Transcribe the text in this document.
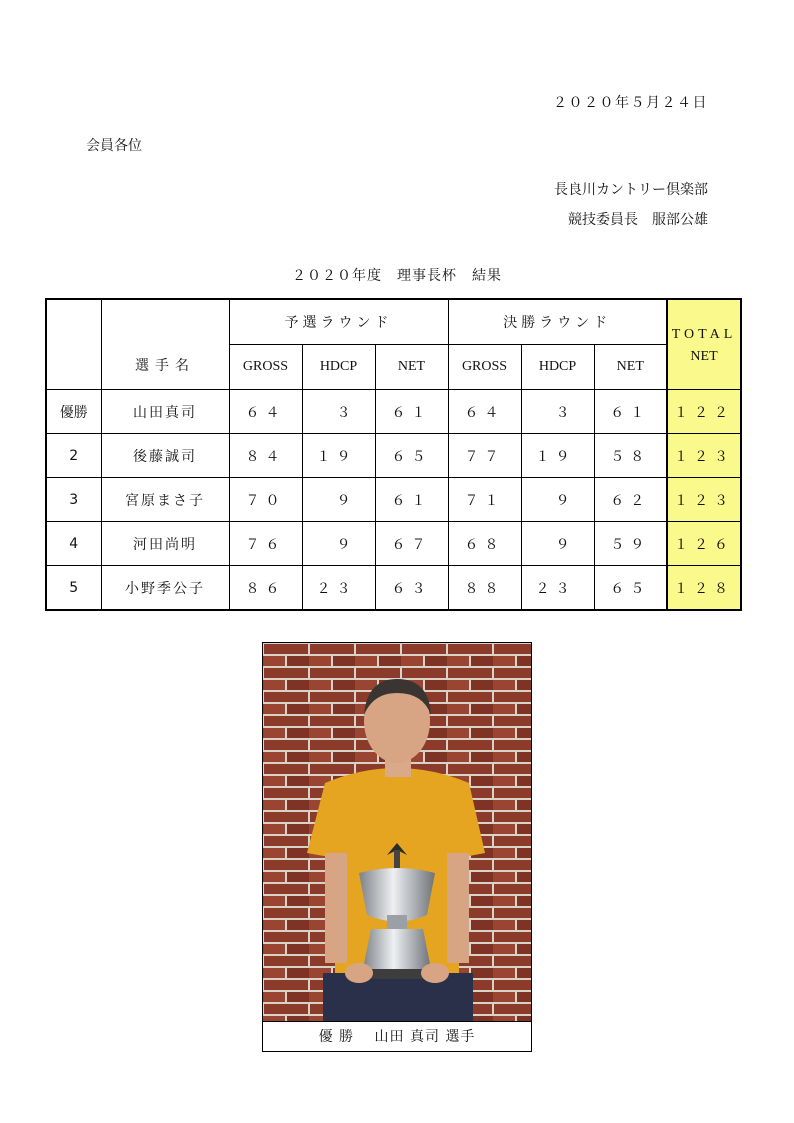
２０２０年５月２４日
会員各位
長良川カントリー倶楽部
競技委員長　服部公雄
２０２０年度　理事長杯　結果
	選手名	予選ラウンド			決勝ラウンド			TOTAL
		GROSS	HDCP	NET	GROSS	HDCP	NET	NET
優勝	山田真司	６４	３	６１	６４	３	６１	１２２
2	後藤誠司	８４	１９	６５	７７	１９	５８	１２３
3	宮原まさ子	７０	９	６１	７１	９	６２	１２３
4	河田尚明	７６	９	６７	６８	９	５９	１２６
5	小野季公子	８６	２３	６３	８８	２３	６５	１２８
優 勝　 山田 真司 選手
